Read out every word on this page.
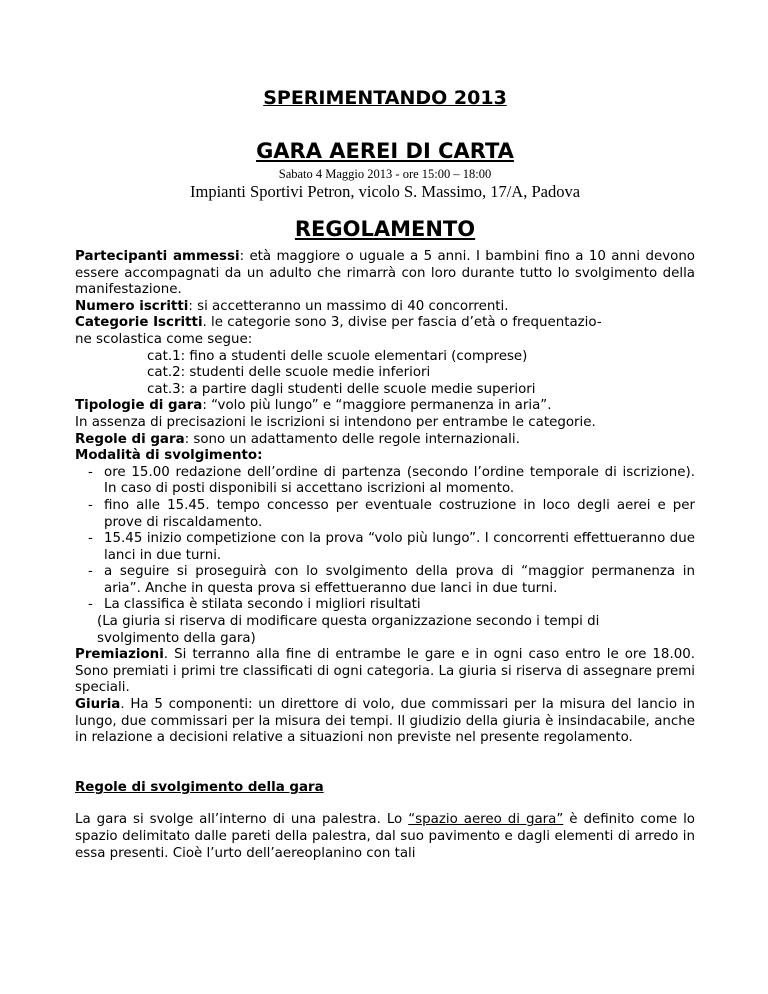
SPERIMENTANDO 2013
GARA AEREI DI CARTA
Sabato 4 Maggio 2013 - ore 15:00 – 18:00
Impianti Sportivi Petron, vicolo S. Massimo, 17/A, Padova
REGOLAMENTO

Partecipanti ammessi: età maggiore o uguale a 5 anni. I bambini fino a 10 anni devono essere accompagnati da un adulto che rimarrà con loro durante tutto lo svolgimento della manifestazione.

Numero iscritti: si accetteranno un massimo di 40 concorrenti.

Categorie Iscritti. le categorie sono 3, divise per fascia d’età o frequentazio-

ne scolastica come segue:

cat.1: fino a studenti delle scuole elementari (comprese)

cat.2: studenti delle scuole medie inferiori

cat.3: a partire dagli studenti delle scuole medie superiori

Tipologie di gara: “volo più lungo” e “maggiore permanenza in aria”.

In assenza di precisazioni le iscrizioni si intendono per entrambe le categorie.

Regole di gara: sono un adattamento delle regole internazionali.

Modalità di svolgimento:

- ore 15.00 redazione dell’ordine di partenza (secondo l’ordine temporale di iscrizione). In caso di posti disponibili si accettano iscrizioni al momento.

- fino alle 15.45. tempo concesso per eventuale costruzione in loco degli aerei e per prove di riscaldamento.

- 15.45 inizio competizione con la prova “volo più lungo”. I concorrenti effettueranno due lanci in due turni.

- a seguire si proseguirà con lo svolgimento della prova di “maggior permanenza in aria”. Anche in questa prova si effettueranno due lanci in due turni.

- La classifica è stilata secondo i migliori risultati

(La giuria si riserva di modificare questa organizzazione secondo i tempi di

svolgimento della gara)

Premiazioni. Si terranno alla fine di entrambe le gare e in ogni caso entro le ore 18.00. Sono premiati i primi tre classificati di ogni categoria. La giuria si riserva di assegnare premi speciali.

Giuria. Ha 5 componenti: un direttore di volo, due commissari per la misura del lancio in lungo, due commissari per la misura dei tempi. Il giudizio della giuria è insindacabile, anche in relazione a decisioni relative a situazioni non previste nel presente regolamento.

Regole di svolgimento della gara

La gara si svolge all’interno di una palestra. Lo “spazio aereo di gara” è definito come lo spazio delimitato dalle pareti della palestra, dal suo pavimento e dagli elementi di arredo in essa presenti. Cioè l’urto dell’aereoplanino con tali
